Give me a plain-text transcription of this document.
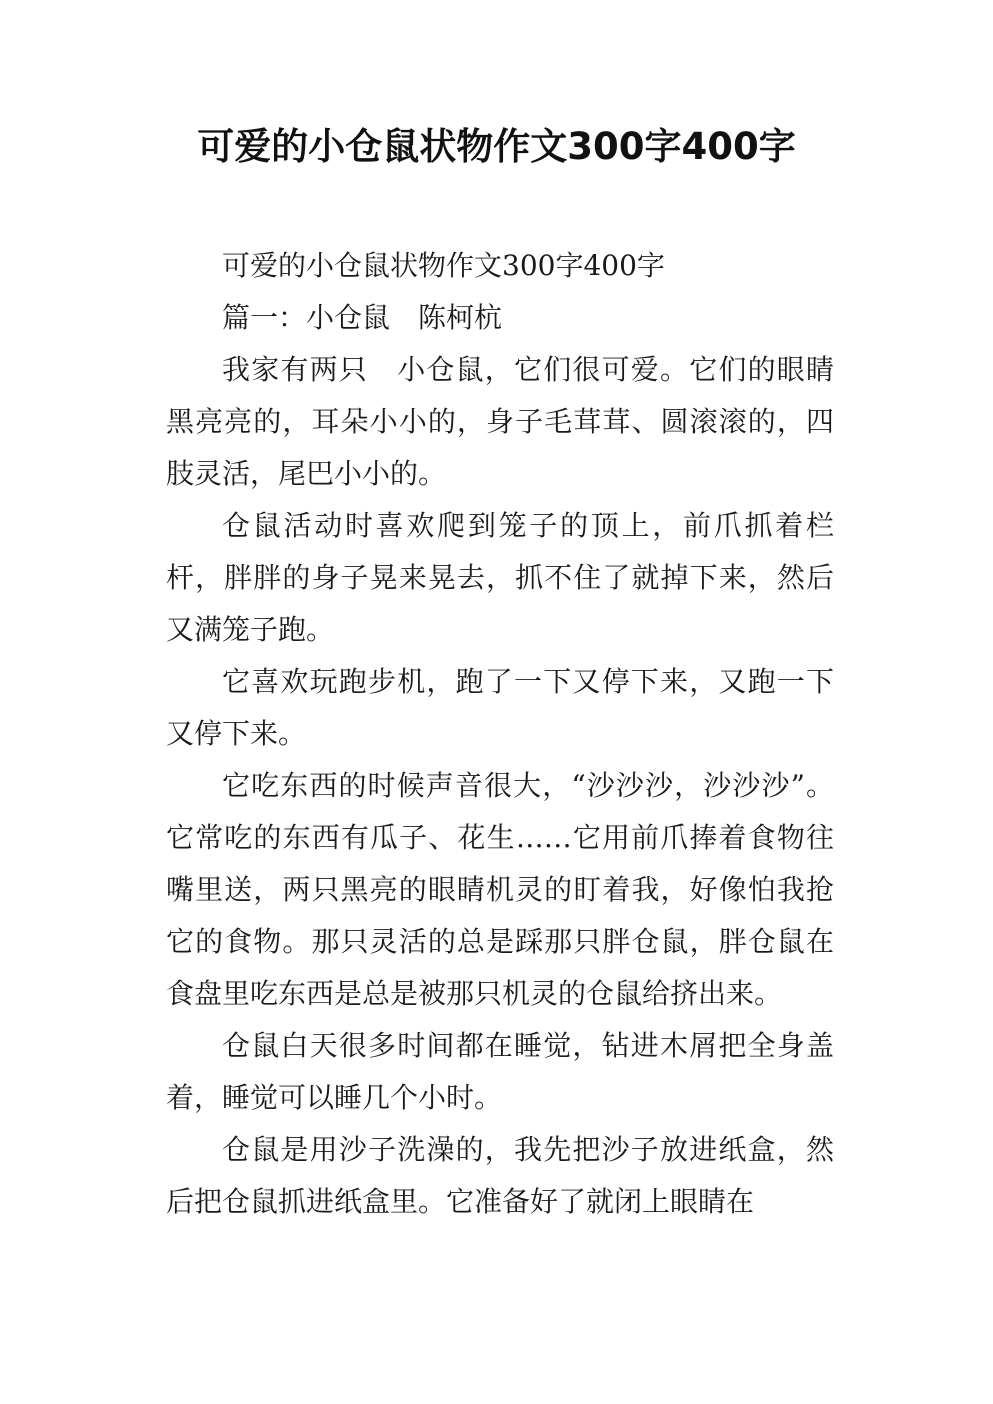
可爱的小仓鼠状物作文300字400字

可爱的小仓鼠状物作文300字400字

篇一：小仓鼠　陈柯杭

我家有两只　小仓鼠，它们很可爱。它们的眼睛黑亮亮的，耳朵小小的，身子毛茸茸、圆滚滚的，四肢灵活，尾巴小小的。

仓鼠活动时喜欢爬到笼子的顶上，前爪抓着栏杆，胖胖的身子晃来晃去，抓不住了就掉下来，然后又满笼子跑。

它喜欢玩跑步机，跑了一下又停下来，又跑一下又停下来。

它吃东西的时候声音很大，“沙沙沙，沙沙沙”。它常吃的东西有瓜子、花生……它用前爪捧着食物往嘴里送，两只黑亮的眼睛机灵的盯着我，好像怕我抢它的食物。那只灵活的总是踩那只胖仓鼠，胖仓鼠在食盘里吃东西是总是被那只机灵的仓鼠给挤出来。

仓鼠白天很多时间都在睡觉，钻进木屑把全身盖着，睡觉可以睡几个小时。

仓鼠是用沙子洗澡的，我先把沙子放进纸盒，然后把仓鼠抓进纸盒里。它准备好了就闭上眼睛在
